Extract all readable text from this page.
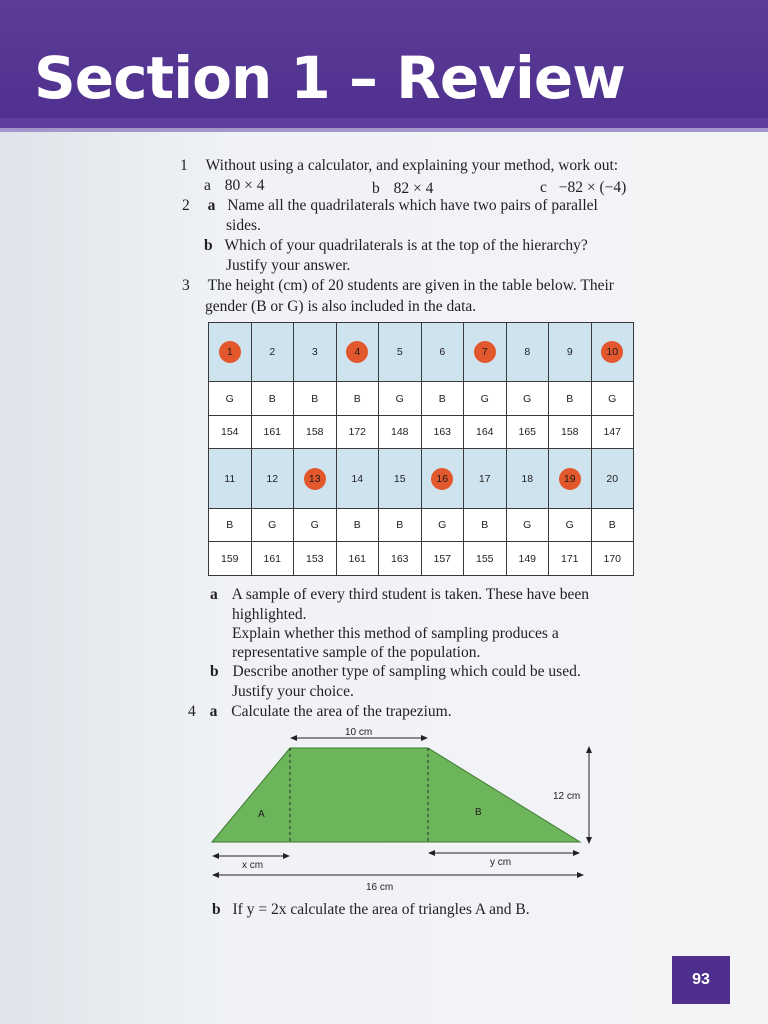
Section 1 – Review
1 Without using a calculator, and explaining your method, work out:
a 80 × 4	b 82 × 4	c −82 × (−4)
2 a Name all the quadrilaterals which have two pairs of parallel
sides.
b Which of your quadrilaterals is at the top of the hierarchy?
Justify your answer.
3 The height (cm) of 20 students are given in the table below. Their
gender (B or G) is also included in the data.
1	2	3	4	5	6	7	8	9	10
G	B	B	B	G	B	G	G	B	G
154	161	158	172	148	163	164	165	158	147
11	12	13	14	15	16	17	18	19	20
B	G	G	B	B	G	B	G	G	B
159	161	153	161	163	157	155	149	171	170
a A sample of every third student is taken. These have been
highlighted.
Explain whether this method of sampling produces a
representative sample of the population.
b Describe another type of sampling which could be used.
Justify your choice.
4 a Calculate the area of the trapezium.
10 cm
12 cm
A	B
x cm	y cm
16 cm
b If y = 2x calculate the area of triangles A and B.
93
